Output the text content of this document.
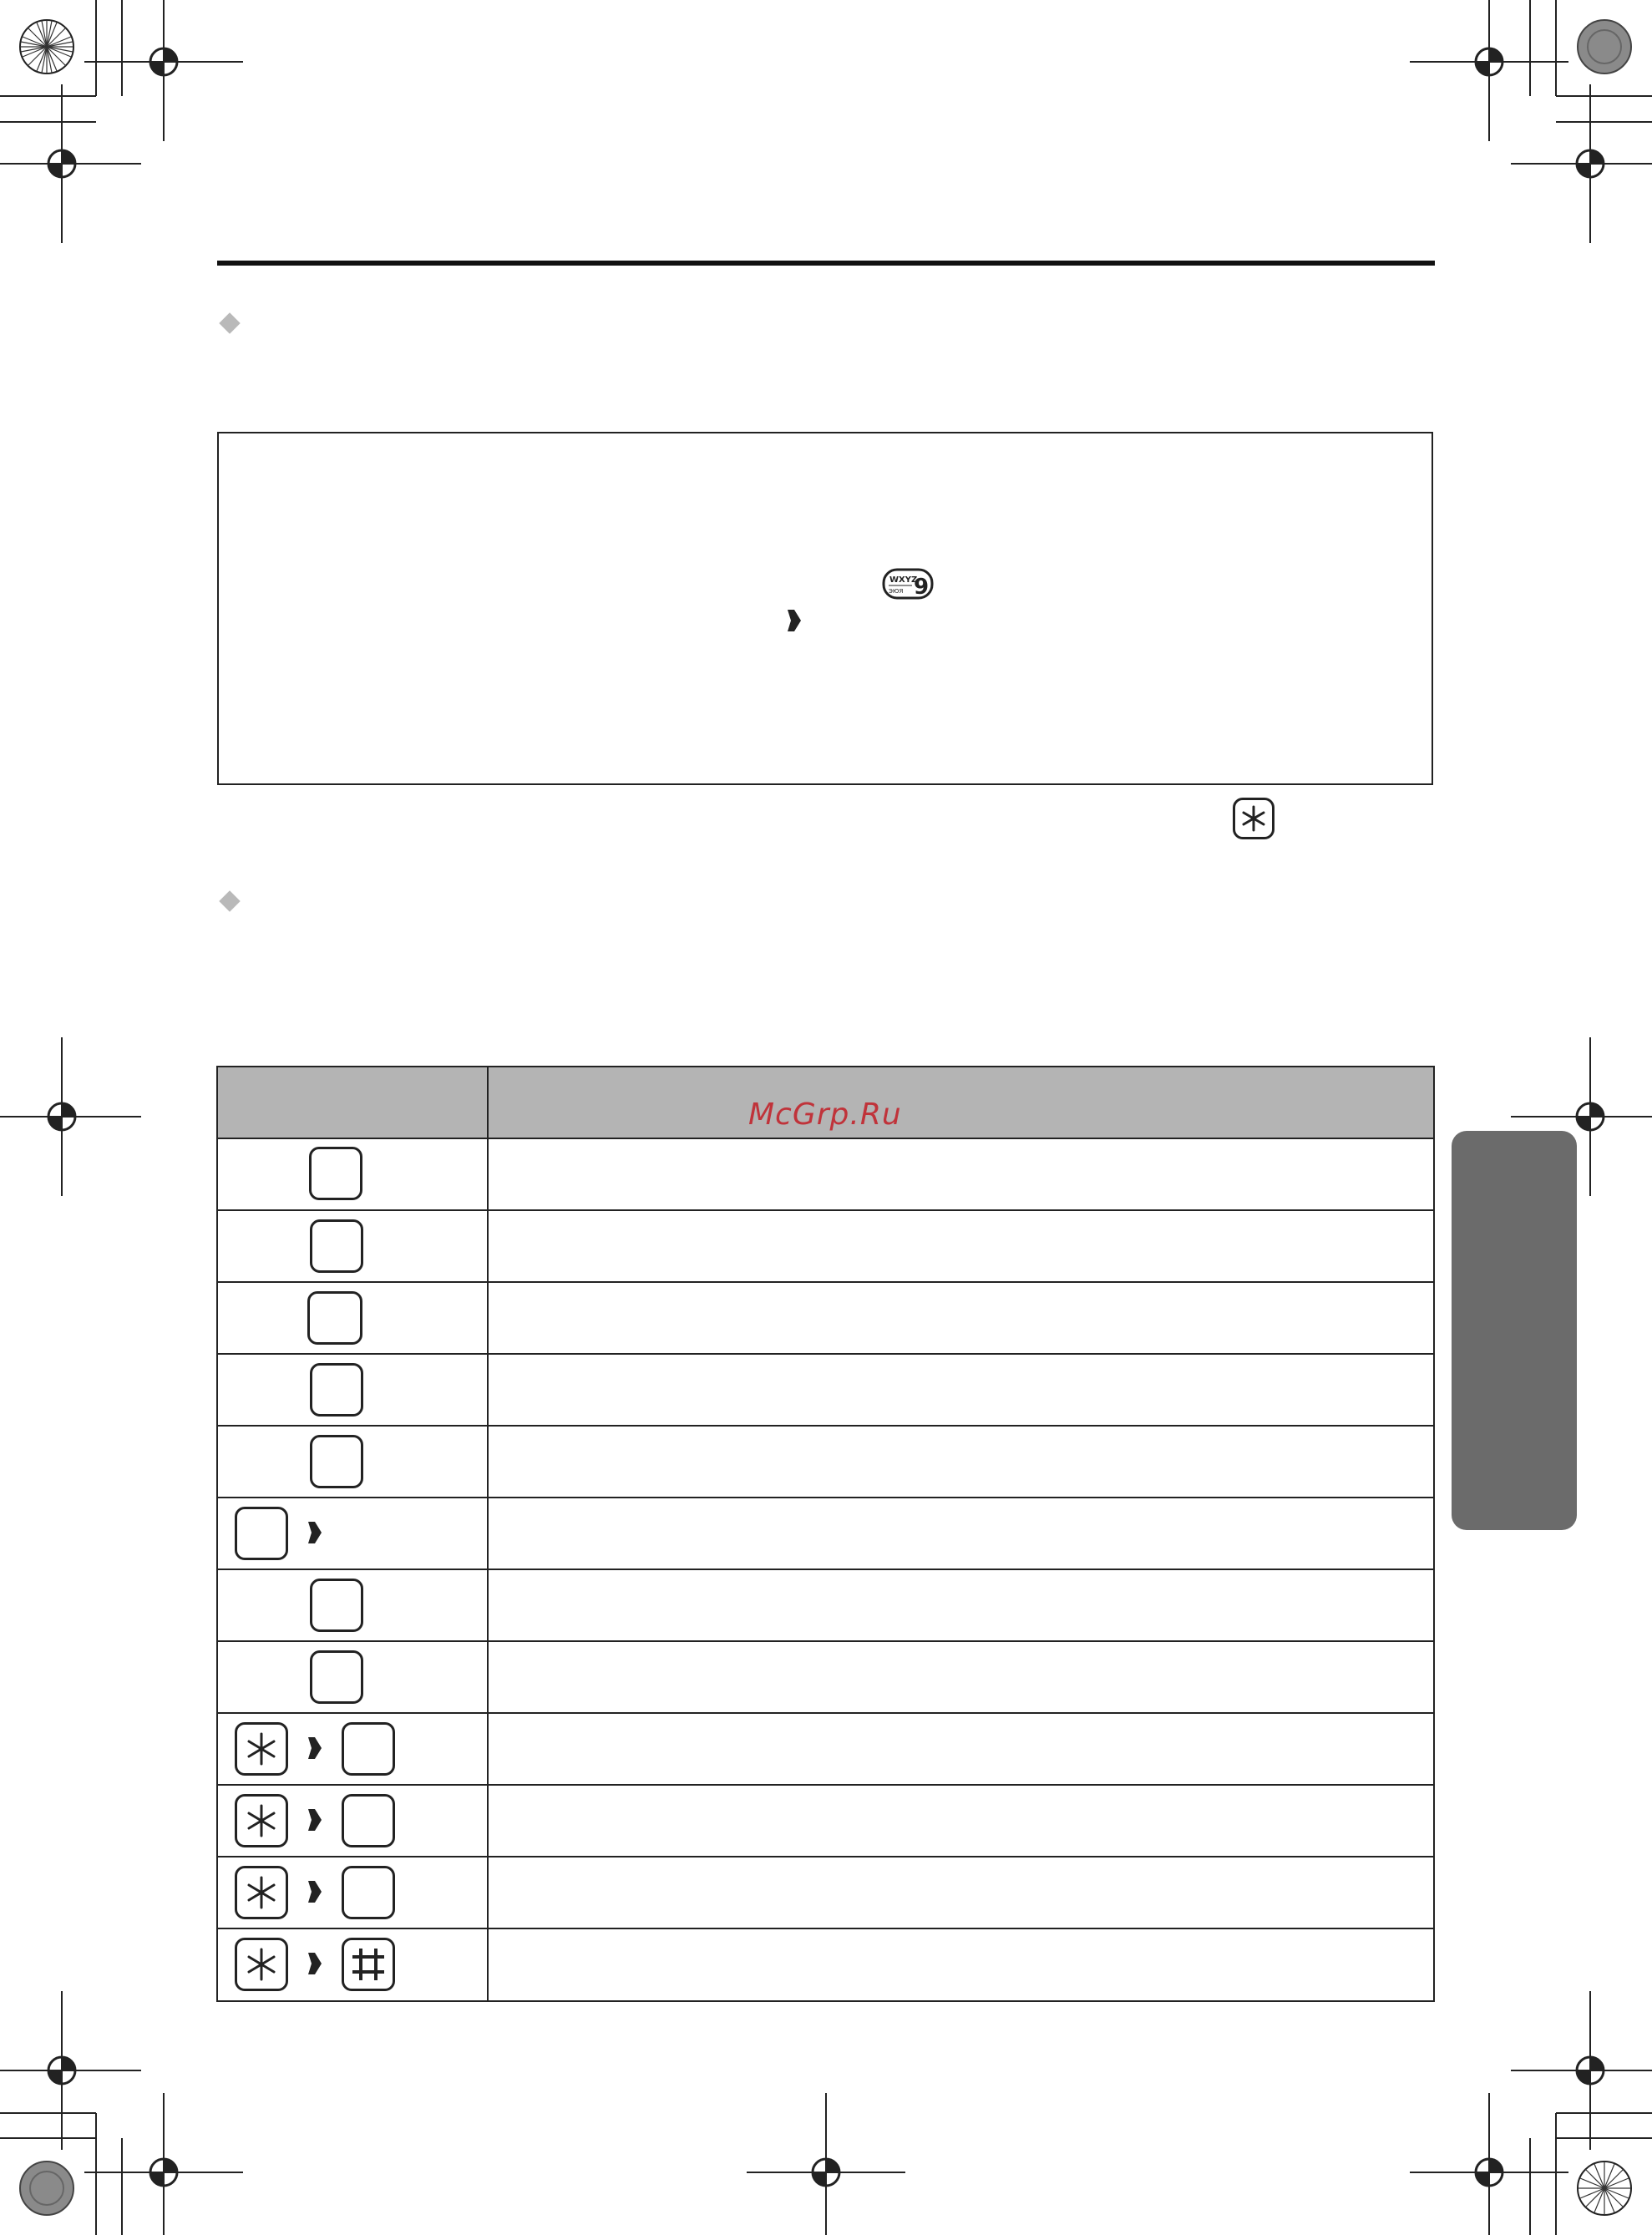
WXYZ
ЭЮЯ 9
McGrp.Ru
